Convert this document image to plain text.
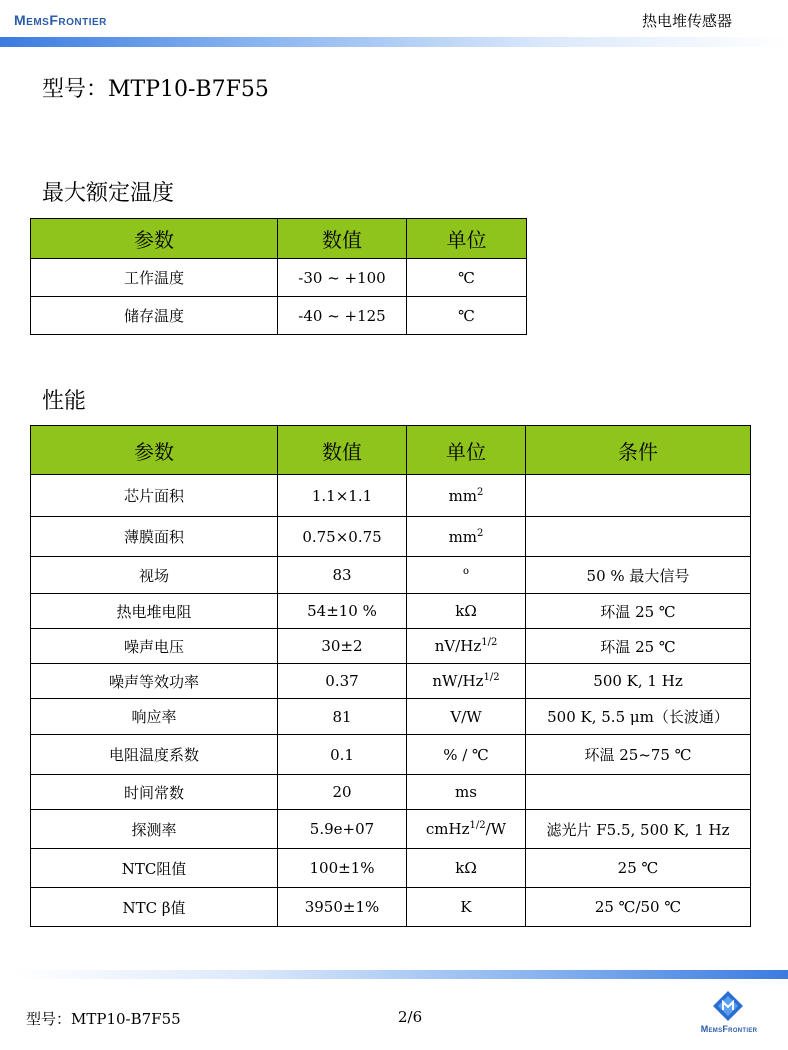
MemsFrontier	热电堆传感器
型号：MTP10-B7F55
最大额定温度
参数	数值	单位
工作温度	-30 ~ +100	℃
储存温度	-40 ~ +125	℃
性能
参数	数值	单位	条件
芯片面积	1.1×1.1	$mm^2$	
薄膜面积	0.75×0.75	$mm^2$	
视场	83	$^o$	50 % 最大信号
热电堆电阻	54±10 %	kΩ	环温 25 ℃
噪声电压	30±2	$nV/Hz^{1/2}$	环温 25 ℃
噪声等效功率	0.37	$nW/Hz^{1/2}$	500 K, 1 Hz
响应率	81	V/W	500 K, 5.5 μm（长波通）
电阻温度系数	0.1	% / ℃	环温 25~75 ℃
时间常数	20	ms	
探测率	5.9e+07	cmHz$^{1/2}$/W	滤光片 F5.5, 500 K, 1 Hz
NTC阻值	100±1%	kΩ	25 ℃
NTC β值	3950±1%	K	25 ℃/50 ℃
型号：MTP10-B7F55	2/6
MemsFrontier
